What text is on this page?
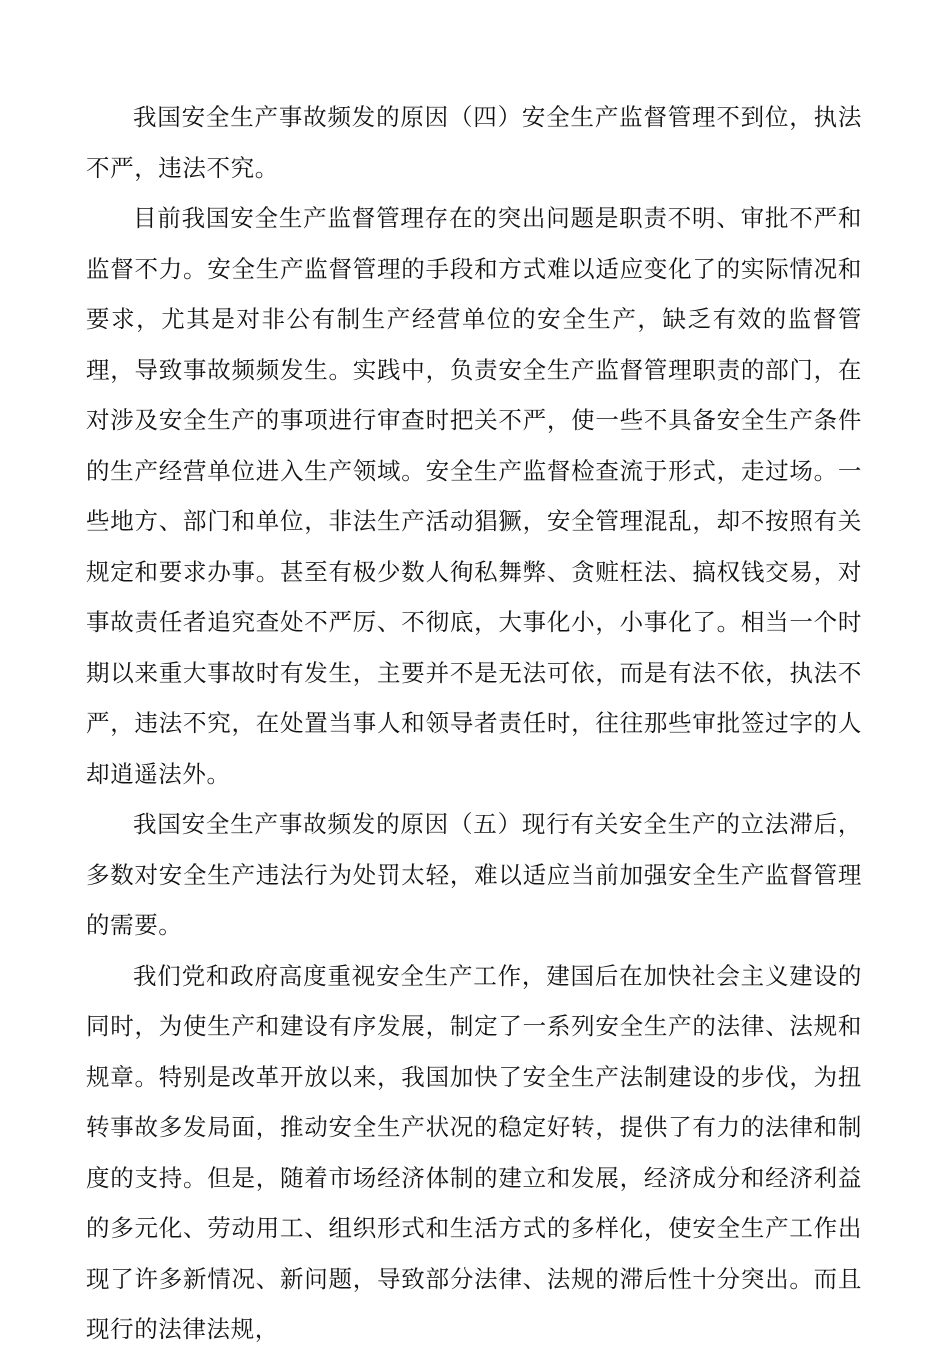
我国安全生产事故频发的原因（四）安全生产监督管理不到位，执法不严，违法不究。

目前我国安全生产监督管理存在的突出问题是职责不明、审批不严和监督不力。安全生产监督管理的手段和方式难以适应变化了的实际情况和要求，尤其是对非公有制生产经营单位的安全生产，缺乏有效的监督管理，导致事故频频发生。实践中，负责安全生产监督管理职责的部门，在对涉及安全生产的事项进行审查时把关不严，使一些不具备安全生产条件的生产经营单位进入生产领域。安全生产监督检查流于形式，走过场。一些地方、部门和单位，非法生产活动猖獗，安全管理混乱，却不按照有关规定和要求办事。甚至有极少数人徇私舞弊、贪赃枉法、搞权钱交易，对事故责任者追究查处不严厉、不彻底，大事化小，小事化了。相当一个时期以来重大事故时有发生，主要并不是无法可依，而是有法不依，执法不严，违法不究，在处置当事人和领导者责任时，往往那些审批签过字的人却逍遥法外。

我国安全生产事故频发的原因（五）现行有关安全生产的立法滞后，多数对安全生产违法行为处罚太轻，难以适应当前加强安全生产监督管理的需要。

我们党和政府高度重视安全生产工作，建国后在加快社会主义建设的同时，为使生产和建设有序发展，制定了一系列安全生产的法律、法规和规章。特别是改革开放以来，我国加快了安全生产法制建设的步伐，为扭转事故多发局面，推动安全生产状况的稳定好转，提供了有力的法律和制度的支持。但是，随着市场经济体制的建立和发展，经济成分和经济利益的多元化、劳动用工、组织形式和生活方式的多样化，使安全生产工作出现了许多新情况、新问题，导致部分法律、法规的滞后性十分突出。而且现行的法律法规，
